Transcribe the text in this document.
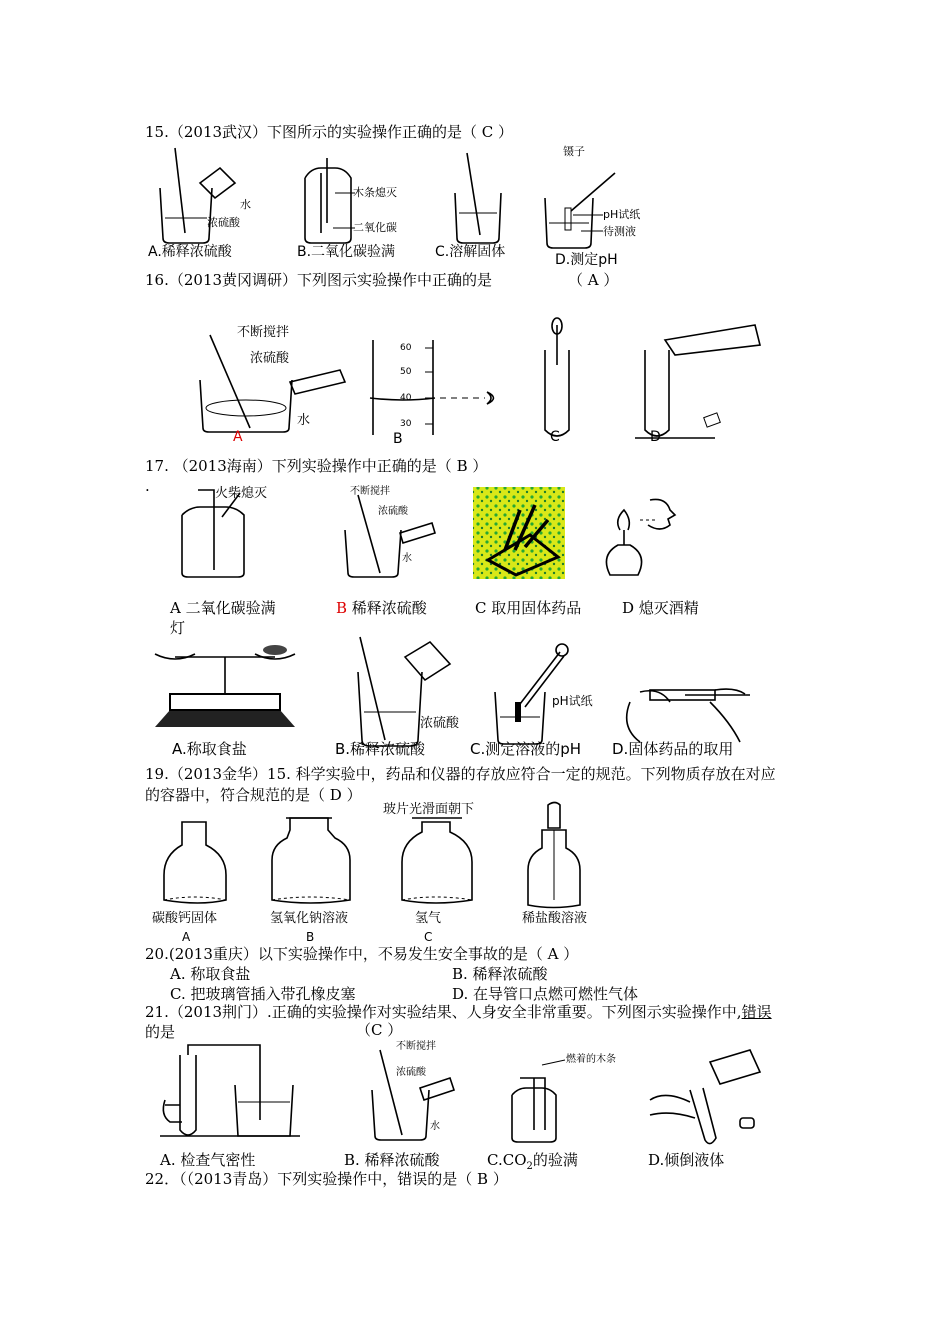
15.（2013武汉）下图所示的实验操作正确的是（ C ）
水
浓硫酸
木条熄灭
二氧化碳
镊子
pH试纸
待测液
A.稀释浓硫酸	B.二氧化碳验满	C.溶解固体	D.测定pH
16.（2013黄冈调研）下列图示实验操作中正确的是	（ A ）
不断搅拌
浓硫酸
水
60
50
40
30
A	B	C	D
17. （2013海南）下列实验操作中正确的是（ B ）
.	火柴熄灭	不断搅拌
浓硫酸
水
A 二氧化碳验满	B 稀释浓硫酸	C 取用固体药品	D 熄灭酒精
灯
浓硫酸
pH试纸
A.称取食盐	B.稀释浓硫酸	C.测定溶液的pH D.固体药品的取用
19.（2013金华）15. 科学实验中，药品和仪器的存放应符合一定的规范。下列物质存放在对应
的容器中，符合规范的是（ D ）
玻片光滑面朝下
碳酸钙固体	氢氧化钠溶液	氢气	稀盐酸溶液
A	B	C
20.(2013重庆）以下实验操作中，不易发生安全事故的是（ A ）
A. 称取食盐	B. 稀释浓硫酸
C. 把玻璃管插入带孔橡皮塞	D. 在导管口点燃可燃性气体
21.（2013荆门）.正确的实验操作对实验结果、人身安全非常重要。下列图示实验操作中,错误
的是	（C ）
不断搅拌
浓硫酸
水
燃着的木条
A. 检查气密性	B. 稀释浓硫酸	$C.CO_2$的验满	D.倾倒液体
22．（（2013青岛）下列实验操作中，错误的是（ B ）
